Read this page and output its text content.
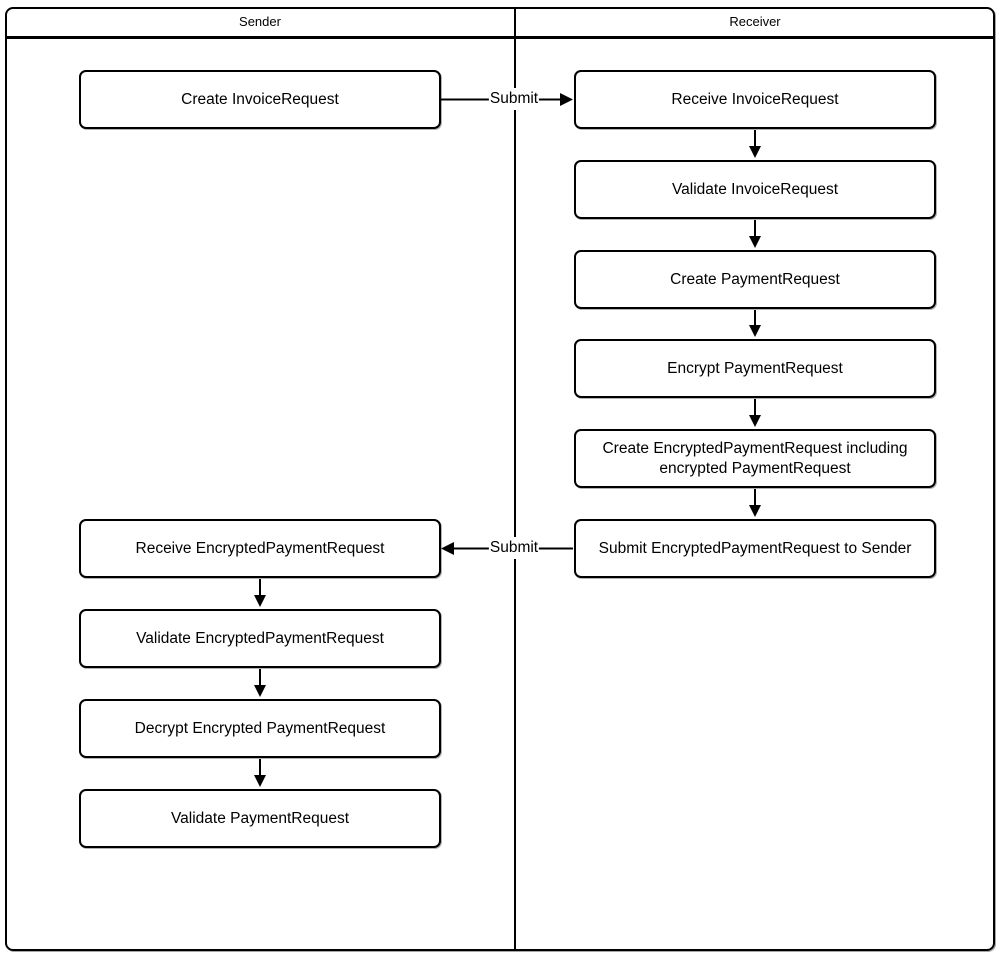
Sender	Receiver
Submit
Submit
Create InvoiceRequest
Receive EncryptedPaymentRequest
Validate EncryptedPaymentRequest
Decrypt Encrypted PaymentRequest
Validate PaymentRequest
Receive InvoiceRequest
Validate InvoiceRequest
Create PaymentRequest
Encrypt PaymentRequest
Create EncryptedPaymentRequest including encrypted PaymentRequest
Submit EncryptedPaymentRequest to Sender
